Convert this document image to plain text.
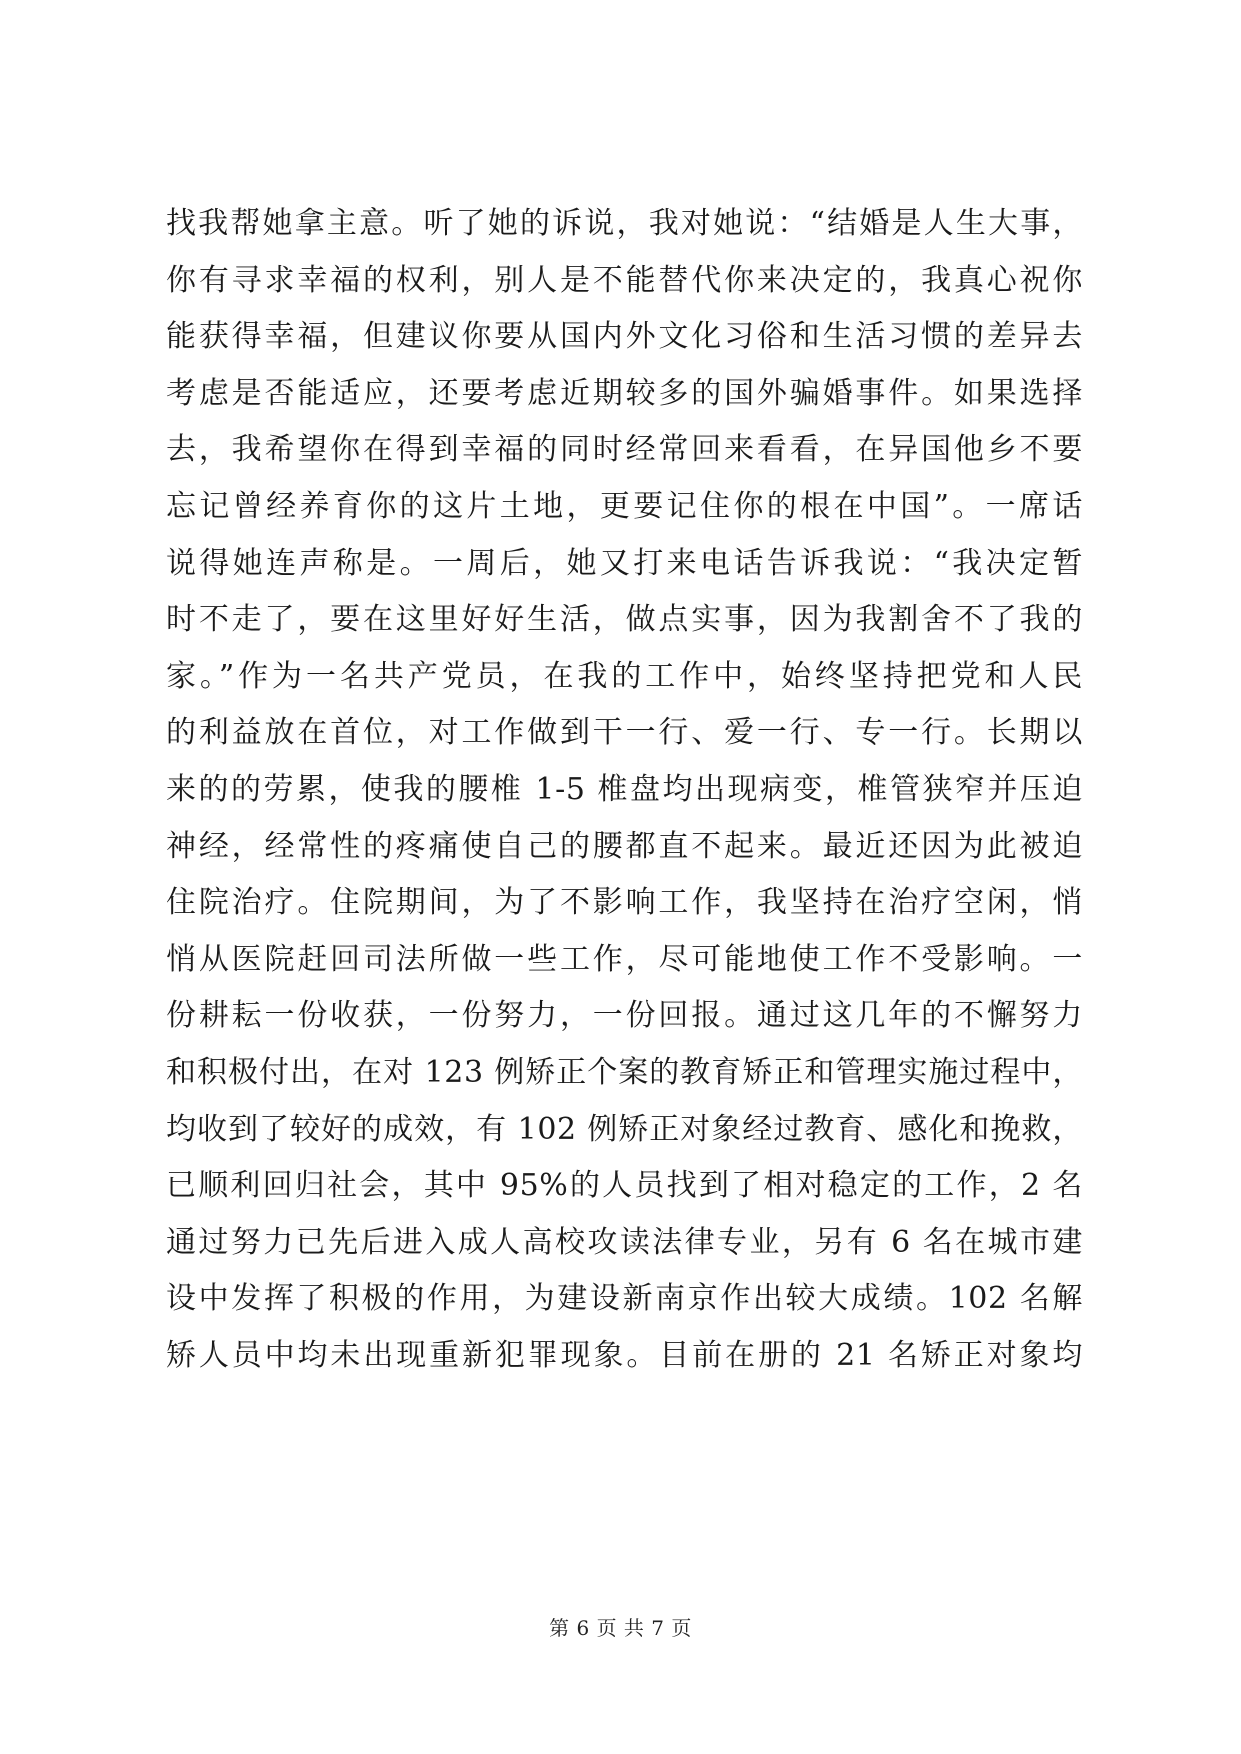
找我帮她拿主意。听了她的诉说，我对她说：“结婚是人生大事，
你有寻求幸福的权利，别人是不能替代你来决定的，我真心祝你
能获得幸福，但建议你要从国内外文化习俗和生活习惯的差异去
考虑是否能适应，还要考虑近期较多的国外骗婚事件。如果选择
去，我希望你在得到幸福的同时经常回来看看，在异国他乡不要
忘记曾经养育你的这片土地，更要记住你的根在中国”。一席话
说得她连声称是。一周后，她又打来电话告诉我说：“我决定暂
时不走了，要在这里好好生活，做点实事，因为我割舍不了我的
家。”作为一名共产党员，在我的工作中，始终坚持把党和人民
的利益放在首位，对工作做到干一行、爱一行、专一行。长期以
来的的劳累，使我的腰椎 1-5 椎盘均出现病变，椎管狭窄并压迫
神经，经常性的疼痛使自己的腰都直不起来。最近还因为此被迫
住院治疗。住院期间，为了不影响工作，我坚持在治疗空闲，悄
悄从医院赶回司法所做一些工作，尽可能地使工作不受影响。一
份耕耘一份收获，一份努力，一份回报。通过这几年的不懈努力
和积极付出，在对 123 例矫正个案的教育矫正和管理实施过程中，
均收到了较好的成效，有 102 例矫正对象经过教育、感化和挽救，
已顺利回归社会，其中 95%的人员找到了相对稳定的工作，2 名
通过努力已先后进入成人高校攻读法律专业，另有 6 名在城市建
设中发挥了积极的作用，为建设新南京作出较大成绩。102 名解
矫人员中均未出现重新犯罪现象。目前在册的 21 名矫正对象均
第 6 页 共 7 页
